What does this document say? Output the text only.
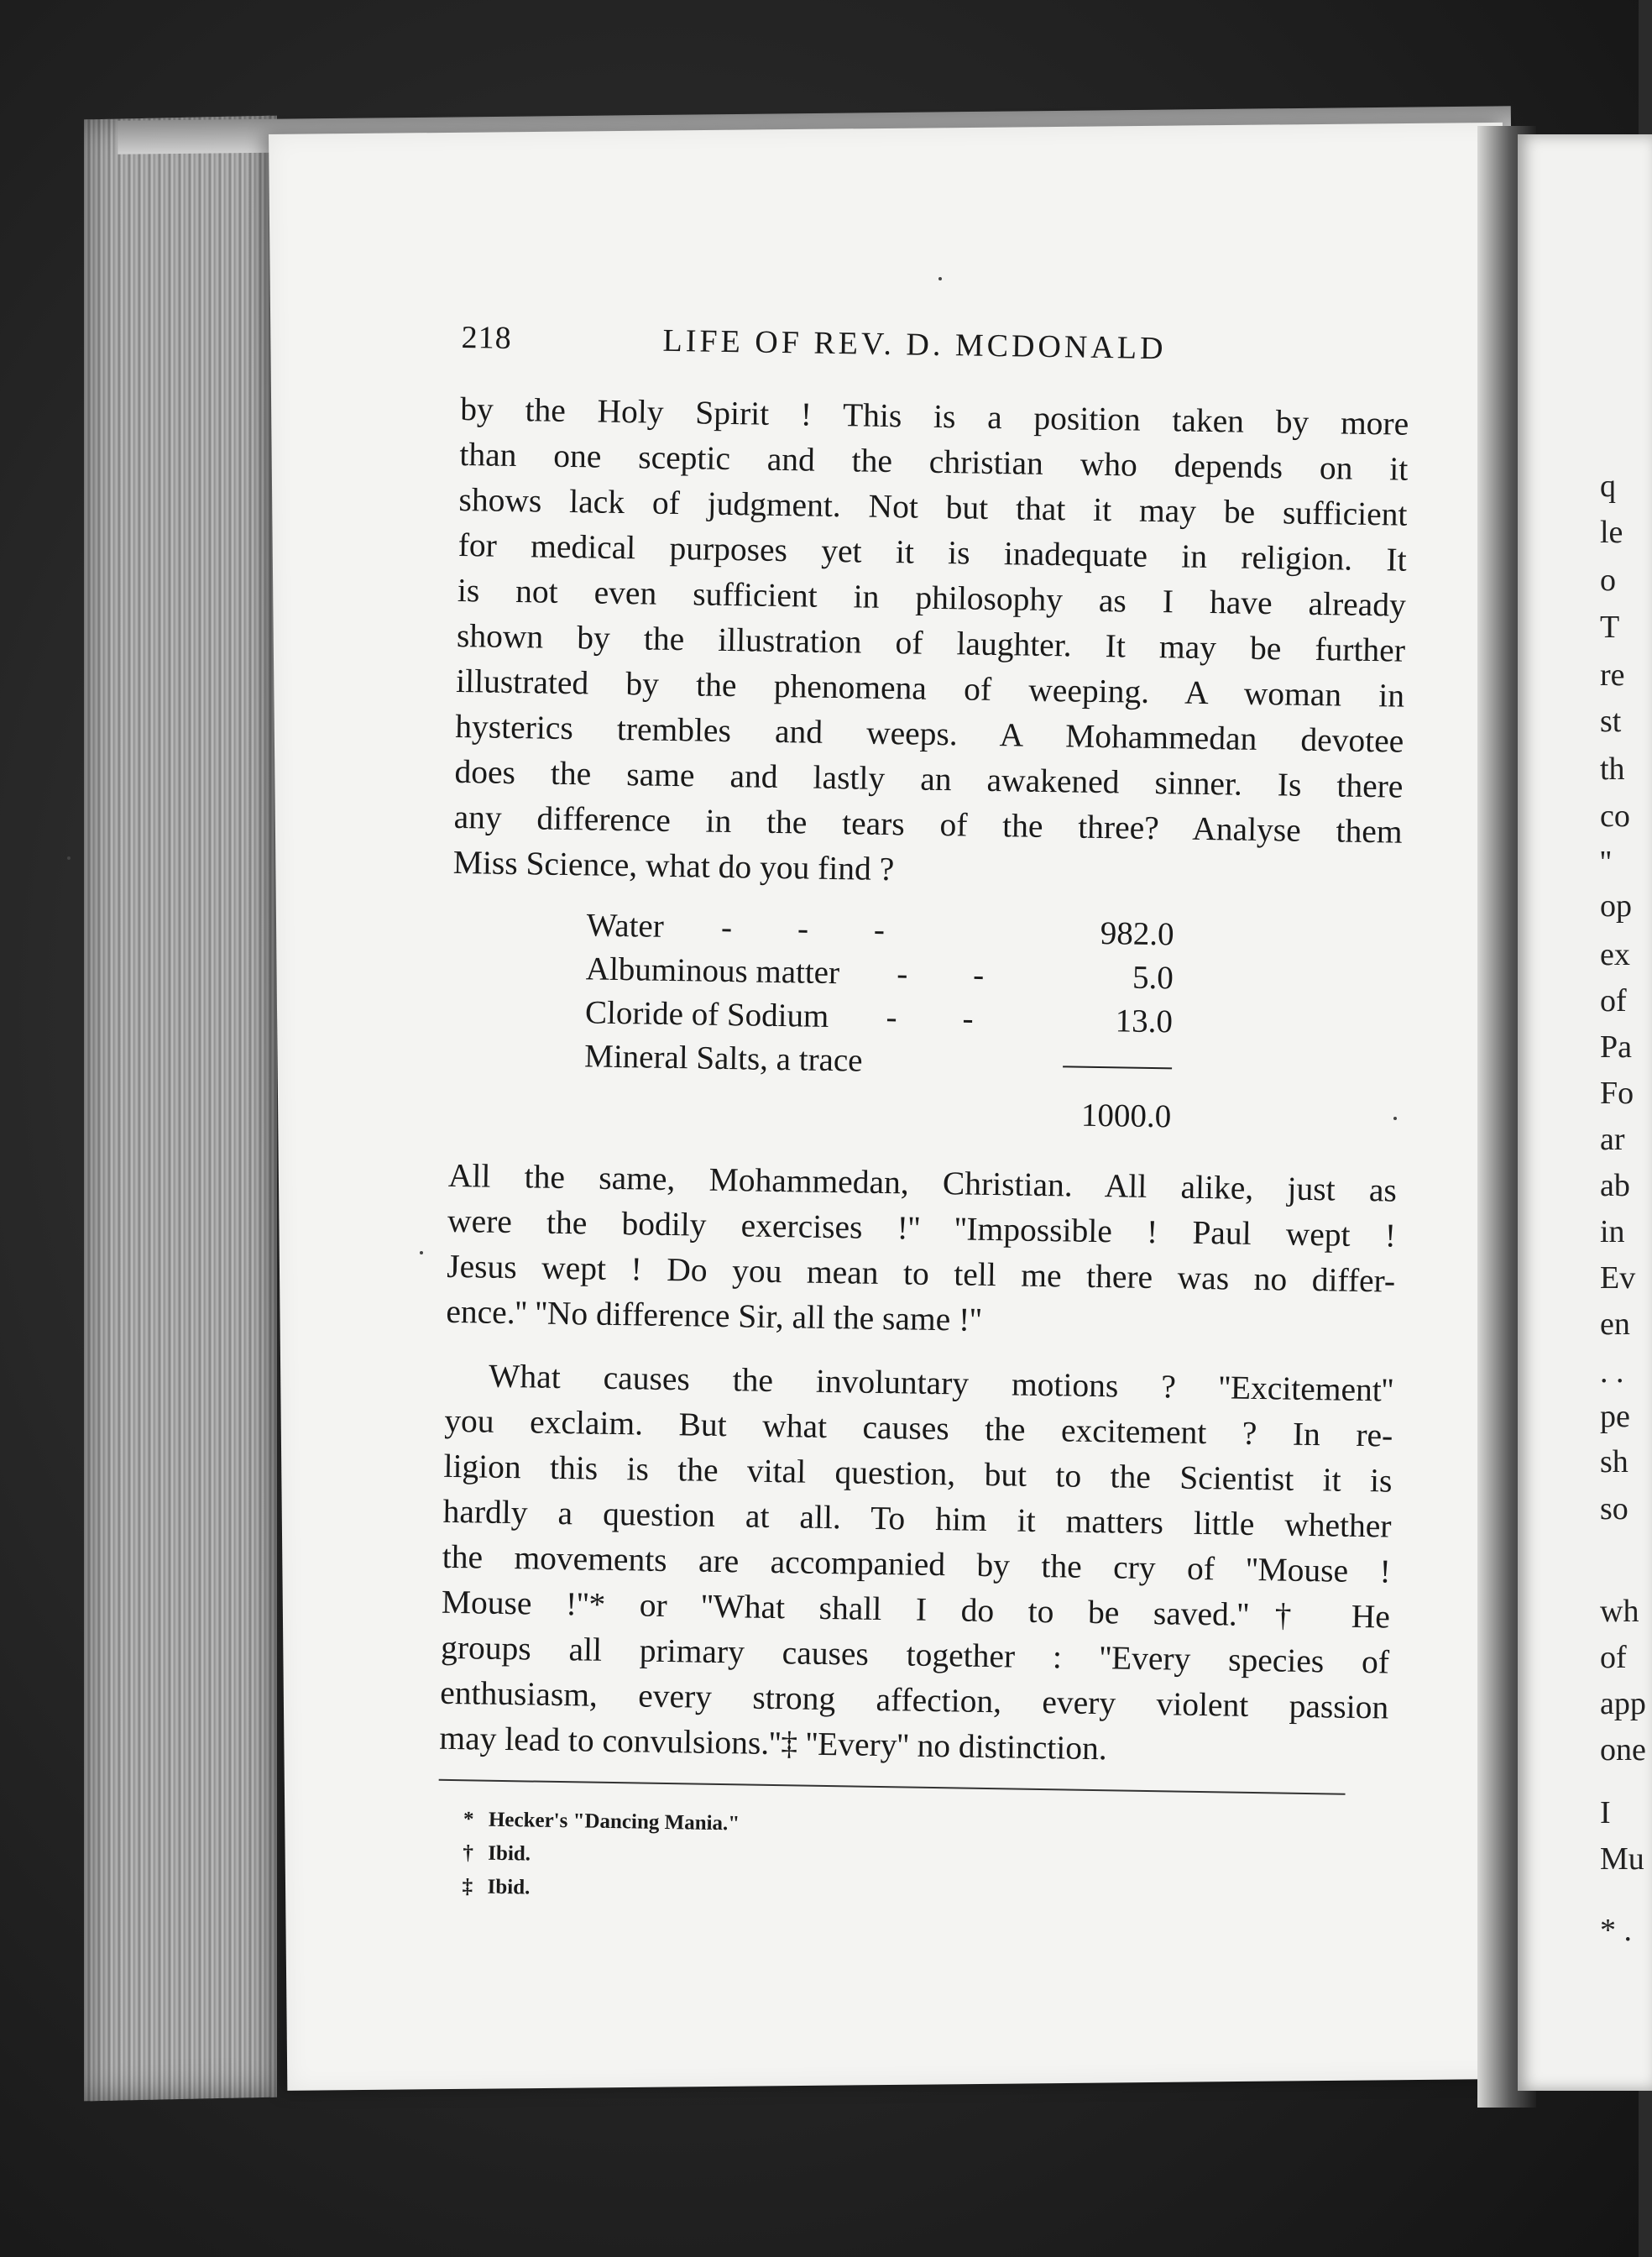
q
le
o
T
re
st
th
co
''
op
ex
of
Pa
Fo
ar
ab
in
Ev
en
. .
pe
sh
so
wh
of
app
one
I
Mu
* .
218	LIFE OF REV. D. MCDONALD

by the Holy Spirit ! This is a position taken by more
than one sceptic and the christian who depends on it
shows lack of judgment. Not but that it may be sufficient
for medical purposes yet it is inadequate in religion. It
is not even sufficient in philosophy as I have already
shown by the illustration of laughter. It may be further
illustrated by the phenomena of weeping. A woman in
hysterics trembles and weeps. A Mohammedan devotee
does the same and lastly an awakened sinner. Is there
any difference in the tears of the three? Analyse them
Miss Science, what do you find ?

Water       -        -        -	982.0
Albuminous matter       -        -	5.0
Cloride of Sodium       -        -	13.0
Mineral Salts, a trace
1000.0

All the same, Mohammedan, Christian. All alike, just as
were the bodily exercises !'' ''Impossible ! Paul wept !
Jesus wept ! Do you mean to tell me there was no differ-
ence.'' ''No difference Sir, all the same !''

What causes the involuntary motions ? ''Excitement''
you exclaim. But what causes the excitement ? In re-
ligion this is the vital question, but to the Scientist it is
hardly a question at all. To him it matters little whether
the movements are accompanied by the cry of ''Mouse !
Mouse !''* or ''What shall I do to be saved.''† He
groups all primary causes together : ''Every species of
enthusiasm, every strong affection, every violent passion
may lead to convulsions.''‡ ''Every'' no distinction.

* Hecker's "Dancing Mania."
† Ibid.
‡ Ibid.
